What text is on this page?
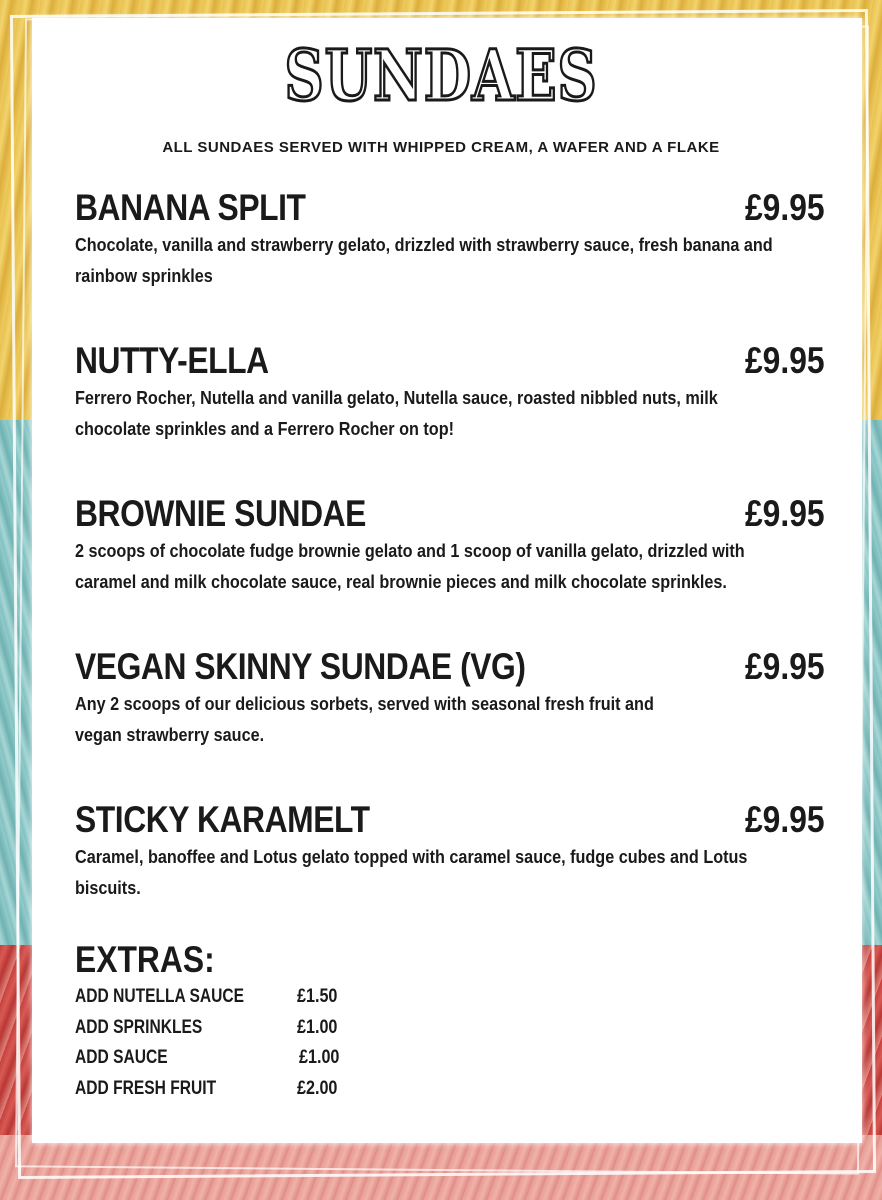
SUNDAES
ALL SUNDAES SERVED WITH WHIPPED CREAM, A WAFER AND A FLAKE
BANANA SPLIT	£9.95
Chocolate, vanilla and strawberry gelato, drizzled with strawberry sauce, fresh banana and rainbow sprinkles
NUTTY-ELLA	£9.95
Ferrero Rocher, Nutella and vanilla gelato, Nutella sauce, roasted nibbled nuts, milk chocolate sprinkles and a Ferrero Rocher on top!
BROWNIE SUNDAE	£9.95
2 scoops of chocolate fudge brownie gelato and 1 scoop of vanilla gelato, drizzled with caramel and milk chocolate sauce, real brownie pieces and milk chocolate sprinkles.
VEGAN SKINNY SUNDAE (VG)	£9.95
Any 2 scoops of our delicious sorbets, served with seasonal fresh fruit and vegan strawberry sauce.
STICKY KARAMELT	£9.95
Caramel, banoffee and Lotus gelato topped with caramel sauce, fudge cubes and Lotus biscuits.
EXTRAS:
ADD NUTELLA SAUCE	£1.50
ADD SPRINKLES	£1.00
ADD SAUCE	£1.00
ADD FRESH FRUIT	£2.00
